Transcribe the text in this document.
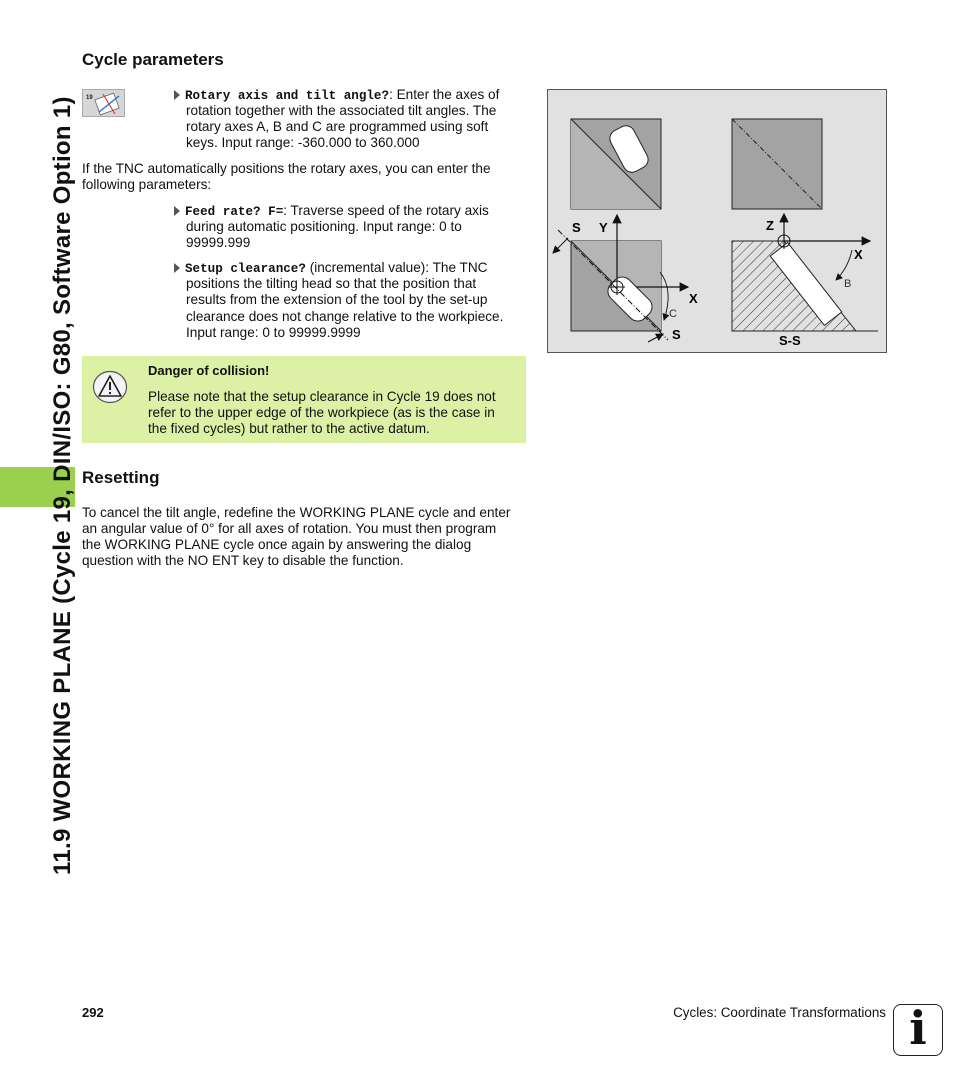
11.9 WORKING PLANE (Cycle 19, DIN/ISO: G80, Software Option 1)
Cycle parameters
19	Rotary axis and tilt angle?: Enter the axes of
rotation together with the associated tilt angles. The
rotary axes A, B and C are programmed using soft
keys. Input range: -360.000 to 360.000
If the TNC automatically positions the rotary axes, you can enter the
following parameters:
Feed rate? F=: Traverse speed of the rotary axis
during automatic positioning. Input range: 0 to
99999.999
Setup clearance? (incremental value): The TNC
positions the tilting head so that the position that
results from the extension of the tool by the set-up
clearance does not change relative to the workpiece.
Input range: 0 to 99999.9999
Danger of collision!
Please note that the setup clearance in Cycle 19 does not
refer to the upper edge of the workpiece (as is the case in
the fixed cycles) but rather to the active datum.
Resetting
To cancel the tilt angle, redefine the WORKING PLANE cycle and enter
an angular value of 0° for all axes of rotation. You must then program
the WORKING PLANE cycle once again by answering the dialog
question with the NO ENT key to disable the function.
S Y
X
C
S
Z
X
B
S-S
292	Cycles: Coordinate Transformations i
